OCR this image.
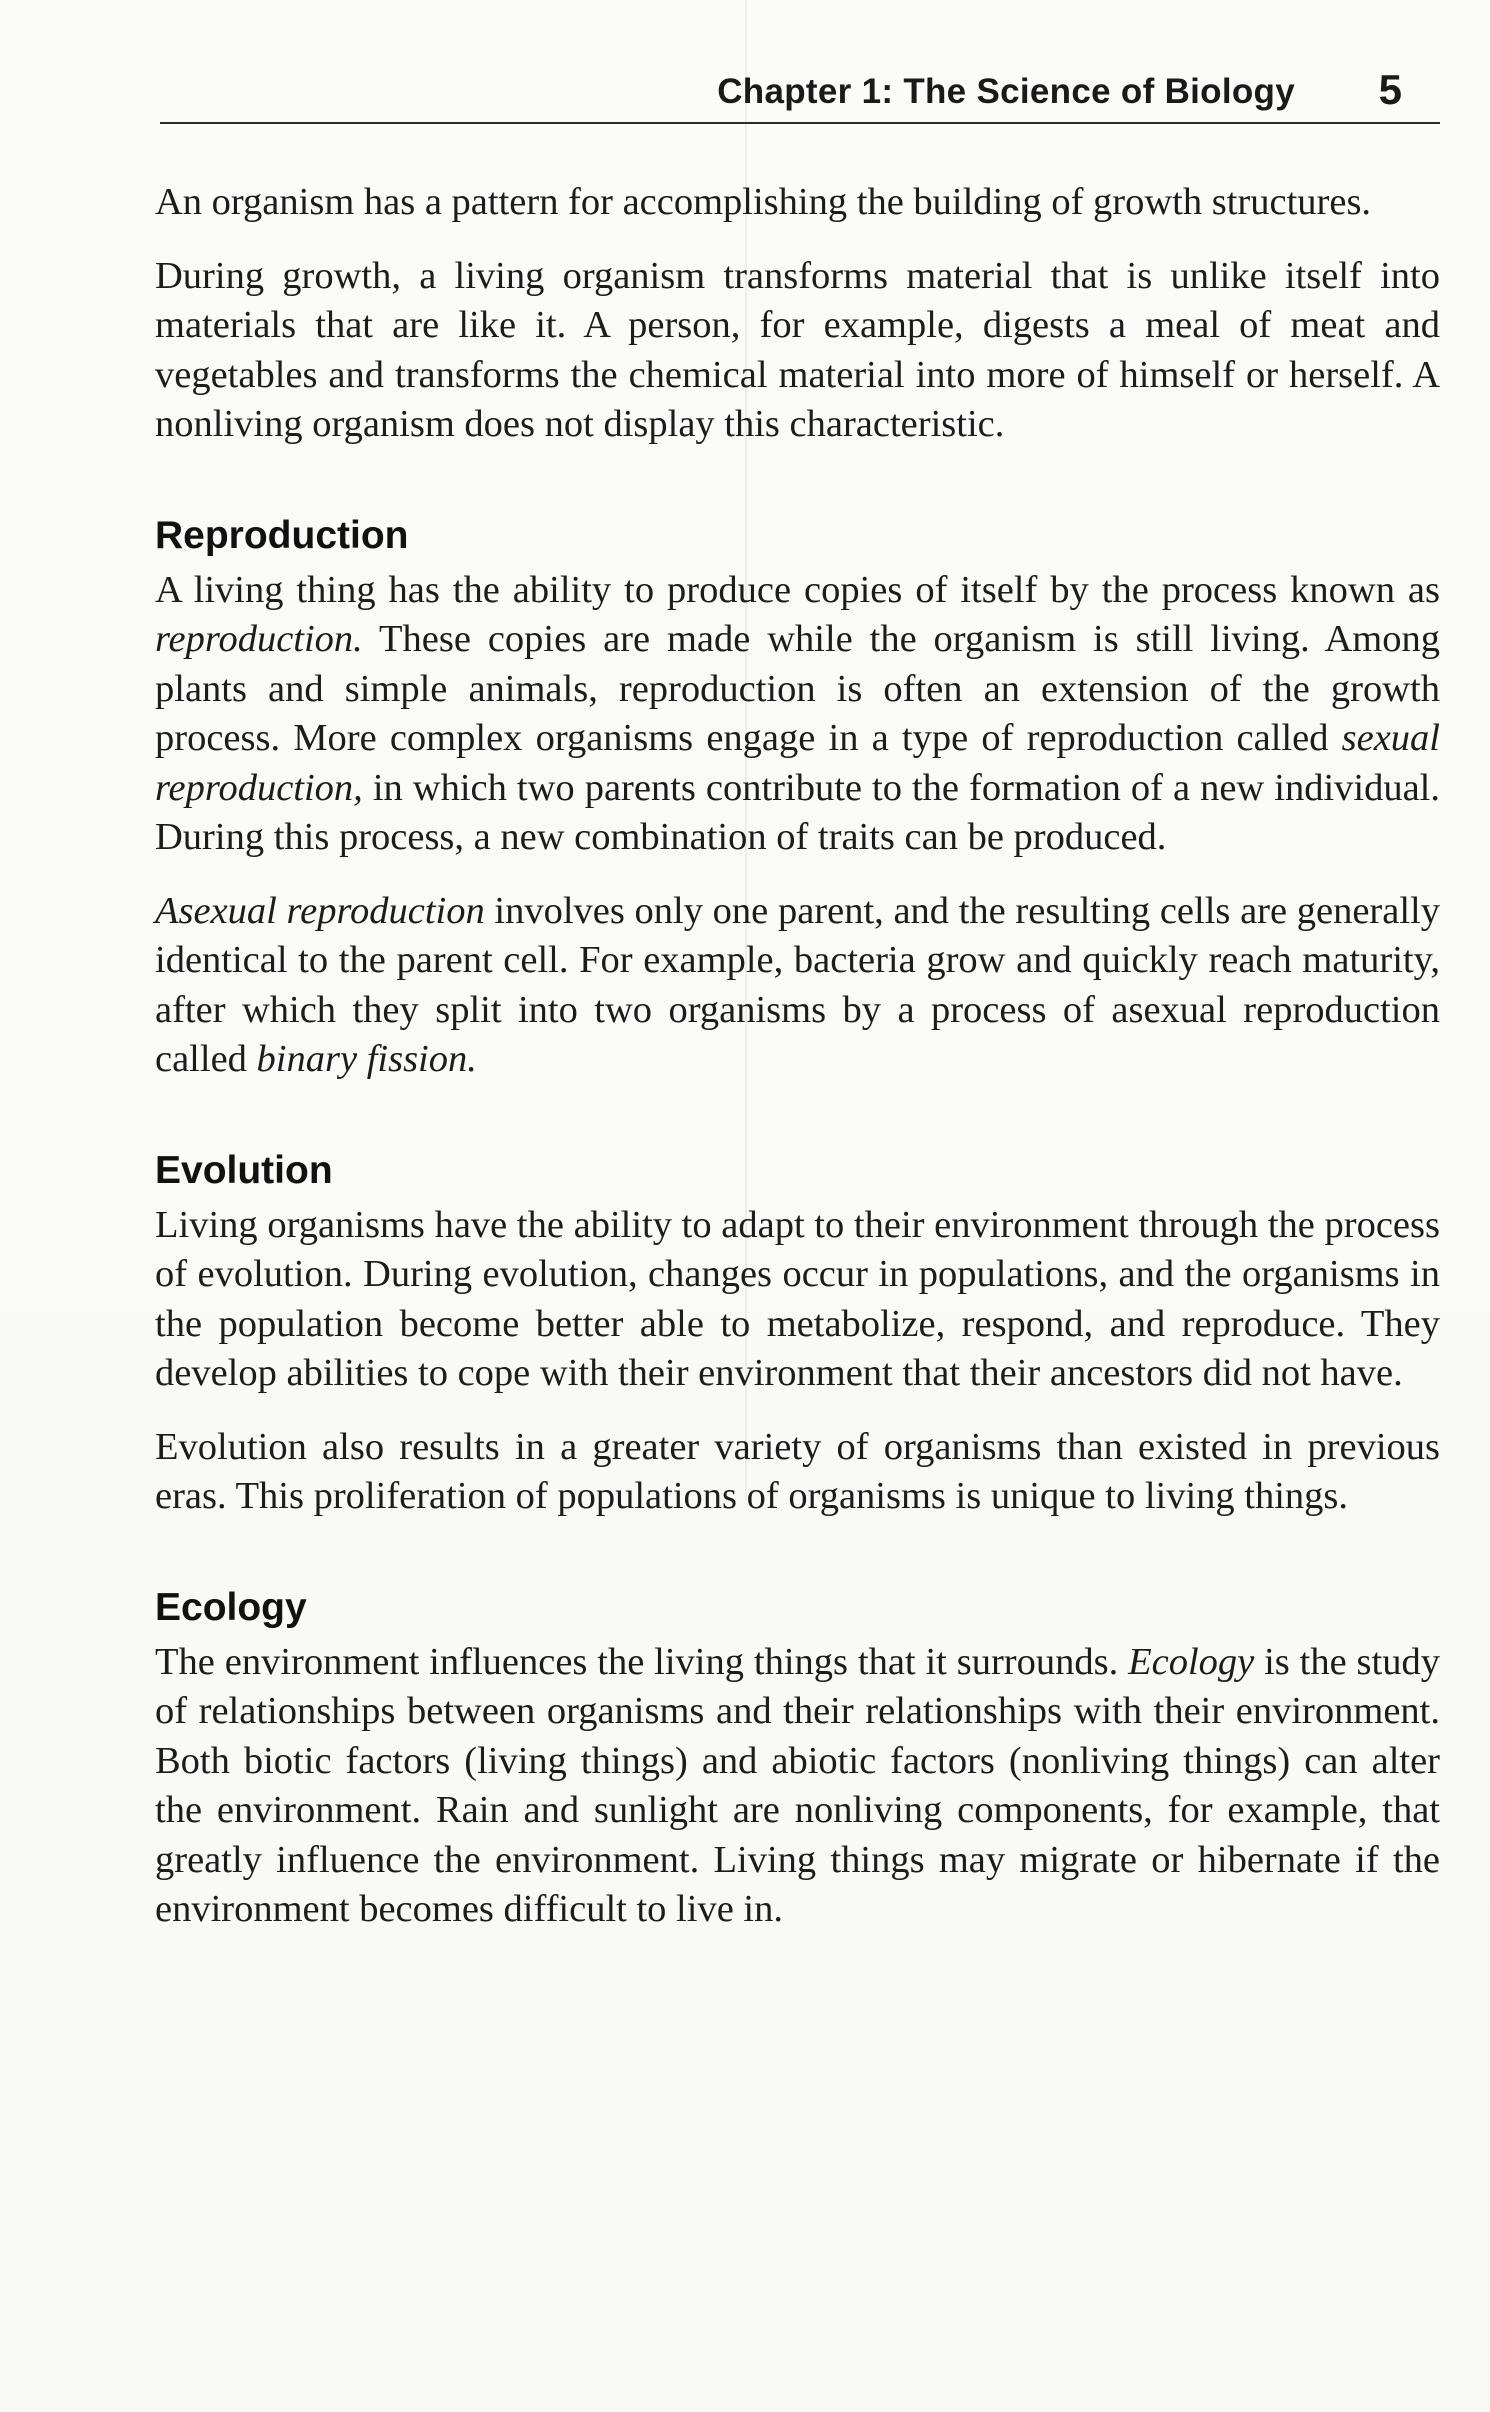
Chapter 1: The Science of Biology 5

An organism has a pattern for accomplishing the building of growth structures.

During growth, a living organism transforms material that is unlike itself into materials that are like it. A person, for example, digests a meal of meat and vegetables and transforms the chemical material into more of himself or herself. A nonliving organism does not display this characteristic.

Reproduction

A living thing has the ability to produce copies of itself by the process known as reproduction. These copies are made while the organism is still living. Among plants and simple animals, reproduction is often an extension of the growth process. More complex organisms engage in a type of reproduction called sexual reproduction, in which two parents contribute to the formation of a new individual. During this process, a new combination of traits can be produced.

Asexual reproduction involves only one parent, and the resulting cells are generally identical to the parent cell. For example, bacteria grow and quickly reach maturity, after which they split into two organisms by a process of asexual reproduction called binary fission.

Evolution

Living organisms have the ability to adapt to their environment through the process of evolution. During evolution, changes occur in populations, and the organisms in the population become better able to metabolize, respond, and reproduce. They develop abilities to cope with their environment that their ancestors did not have.

Evolution also results in a greater variety of organisms than existed in previous eras. This proliferation of populations of organisms is unique to living things.

Ecology

The environment influences the living things that it surrounds. Ecology is the study of relationships between organisms and their relationships with their environment. Both biotic factors (living things) and abiotic factors (nonliving things) can alter the environment. Rain and sunlight are nonliving components, for example, that greatly influence the environment. Living things may migrate or hibernate if the environment becomes difficult to live in.
